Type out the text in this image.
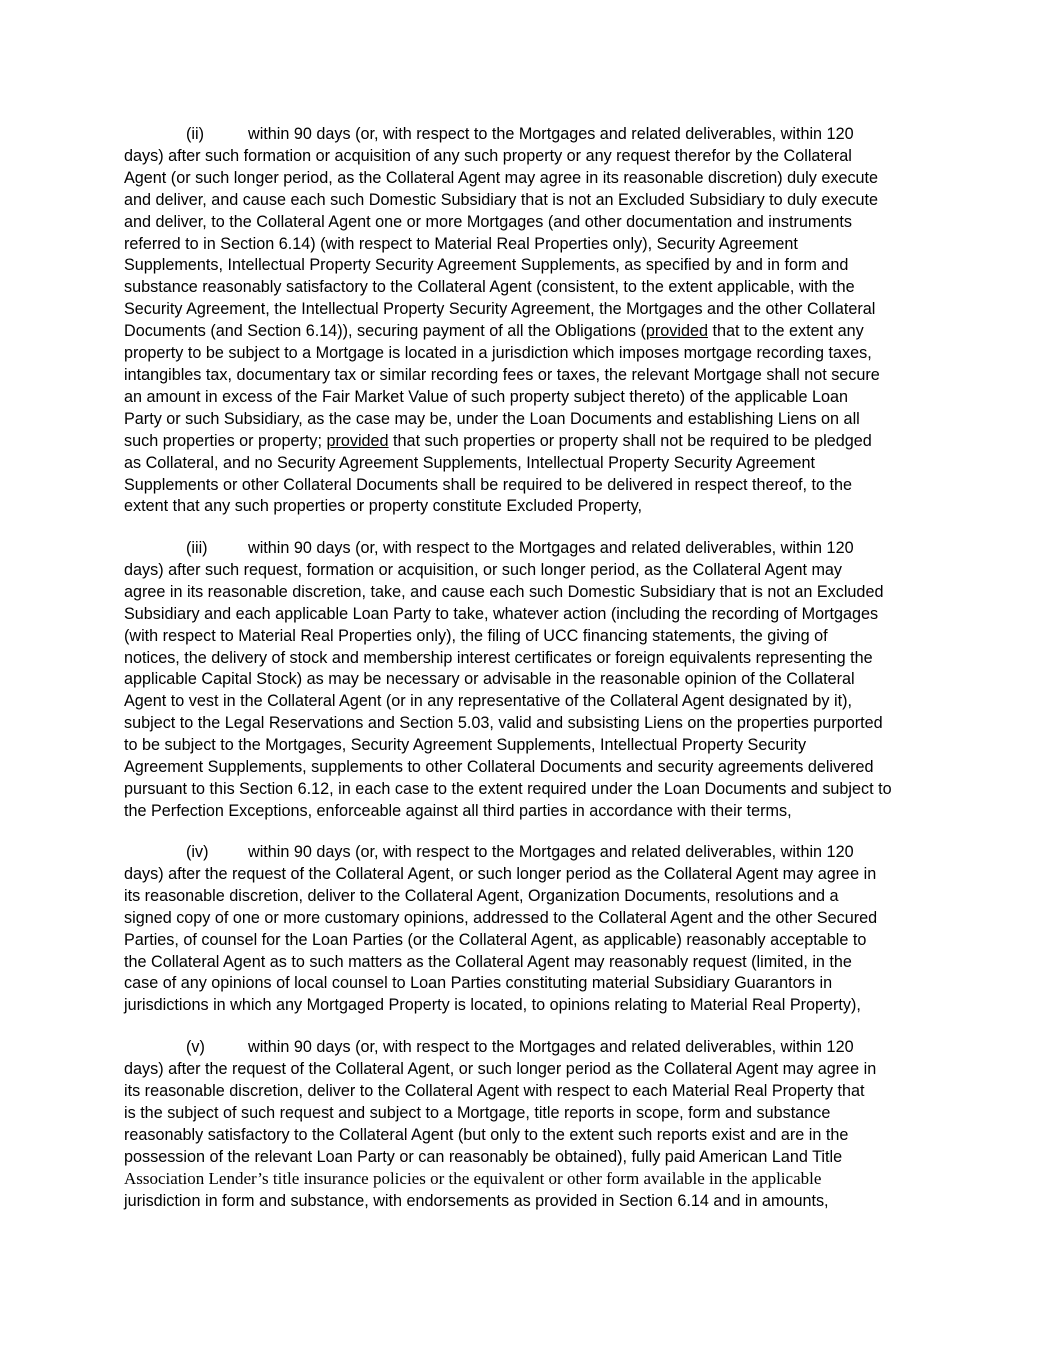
(ii)	within 90 days (or, with respect to the Mortgages and related deliverables, within 120
days) after such formation or acquisition of any such property or any request therefor by the Collateral
Agent (or such longer period, as the Collateral Agent may agree in its reasonable discretion) duly execute
and deliver, and cause each such Domestic Subsidiary that is not an Excluded Subsidiary to duly execute
and deliver, to the Collateral Agent one or more Mortgages (and other documentation and instruments
referred to in Section 6.14) (with respect to Material Real Properties only), Security Agreement
Supplements, Intellectual Property Security Agreement Supplements, as specified by and in form and
substance reasonably satisfactory to the Collateral Agent (consistent, to the extent applicable, with the
Security Agreement, the Intellectual Property Security Agreement, the Mortgages and the other Collateral
Documents (and Section 6.14)), securing payment of all the Obligations (provided that to the extent any
property to be subject to a Mortgage is located in a jurisdiction which imposes mortgage recording taxes,
intangibles tax, documentary tax or similar recording fees or taxes, the relevant Mortgage shall not secure
an amount in excess of the Fair Market Value of such property subject thereto) of the applicable Loan
Party or such Subsidiary, as the case may be, under the Loan Documents and establishing Liens on all
such properties or property; provided that such properties or property shall not be required to be pledged
as Collateral, and no Security Agreement Supplements, Intellectual Property Security Agreement
Supplements or other Collateral Documents shall be required to be delivered in respect thereof, to the
extent that any such properties or property constitute Excluded Property,
(iii) within 90 days (or, with respect to the Mortgages and related deliverables, within 120
days) after such request, formation or acquisition, or such longer period, as the Collateral Agent may
agree in its reasonable discretion, take, and cause each such Domestic Subsidiary that is not an Excluded
Subsidiary and each applicable Loan Party to take, whatever action (including the recording of Mortgages
(with respect to Material Real Properties only), the filing of UCC financing statements, the giving of
notices, the delivery of stock and membership interest certificates or foreign equivalents representing the
applicable Capital Stock) as may be necessary or advisable in the reasonable opinion of the Collateral
Agent to vest in the Collateral Agent (or in any representative of the Collateral Agent designated by it),
subject to the Legal Reservations and Section 5.03, valid and subsisting Liens on the properties purported
to be subject to the Mortgages, Security Agreement Supplements, Intellectual Property Security
Agreement Supplements, supplements to other Collateral Documents and security agreements delivered
pursuant to this Section 6.12, in each case to the extent required under the Loan Documents and subject to
the Perfection Exceptions, enforceable against all third parties in accordance with their terms,
(iv) within 90 days (or, with respect to the Mortgages and related deliverables, within 120
days) after the request of the Collateral Agent, or such longer period as the Collateral Agent may agree in
its reasonable discretion, deliver to the Collateral Agent, Organization Documents, resolutions and a
signed copy of one or more customary opinions, addressed to the Collateral Agent and the other Secured
Parties, of counsel for the Loan Parties (or the Collateral Agent, as applicable) reasonably acceptable to
the Collateral Agent as to such matters as the Collateral Agent may reasonably request (limited, in the
case of any opinions of local counsel to Loan Parties constituting material Subsidiary Guarantors in
jurisdictions in which any Mortgaged Property is located, to opinions relating to Material Real Property),
(v)	within 90 days (or, with respect to the Mortgages and related deliverables, within 120
days) after the request of the Collateral Agent, or such longer period as the Collateral Agent may agree in
its reasonable discretion, deliver to the Collateral Agent with respect to each Material Real Property that
is the subject of such request and subject to a Mortgage, title reports in scope, form and substance
reasonably satisfactory to the Collateral Agent (but only to the extent such reports exist and are in the
possession of the relevant Loan Party or can reasonably be obtained), fully paid American Land Title
Association Lender’s title insurance policies or the equivalent or other form available in the applicable
jurisdiction in form and substance, with endorsements as provided in Section 6.14 and in amounts,
